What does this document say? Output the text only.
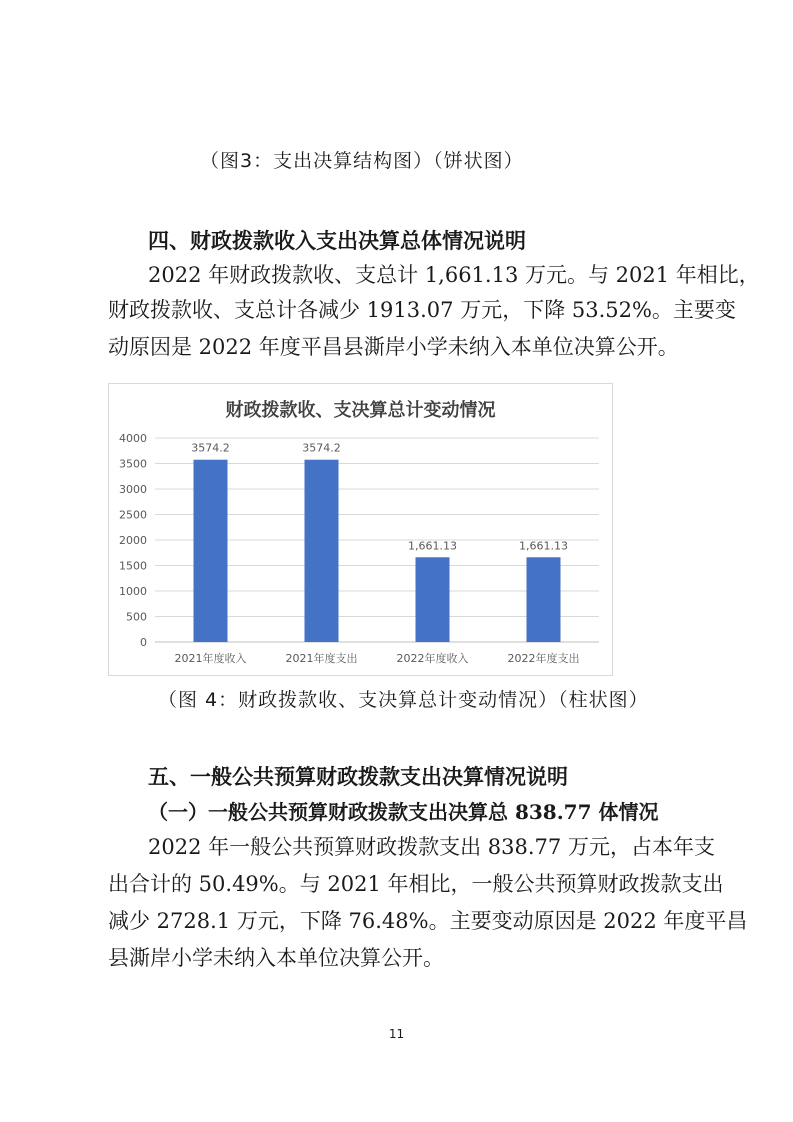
（图3：支出决算结构图）（饼状图）
四、财政拨款收入支出决算总体情况说明
2022 年财政拨款收、支总计 1,661.13 万元。与 2021 年相比，
财政拨款收、支总计各减少 1913.07 万元，下降 53.52%。主要变
动原因是 2022 年度平昌县澌岸小学未纳入本单位决算公开。
财政拨款收、支决算总计变动情况
0
500
1000
1500
2000
2500
3000
3500
4000
3574.2
2021年度收入
3574.2
2021年度支出
1,661.13
2022年度收入
1,661.13
2022年度支出
（图 4：财政拨款收、支决算总计变动情况）（柱状图）
五、一般公共预算财政拨款支出决算情况说明
（一）一般公共预算财政拨款支出决算总 838.77 体情况
2022 年一般公共预算财政拨款支出 838.77 万元，占本年支
出合计的 50.49%。与 2021 年相比，一般公共预算财政拨款支出
减少 2728.1 万元，下降 76.48%。主要变动原因是 2022 年度平昌
县澌岸小学未纳入本单位决算公开。
11
